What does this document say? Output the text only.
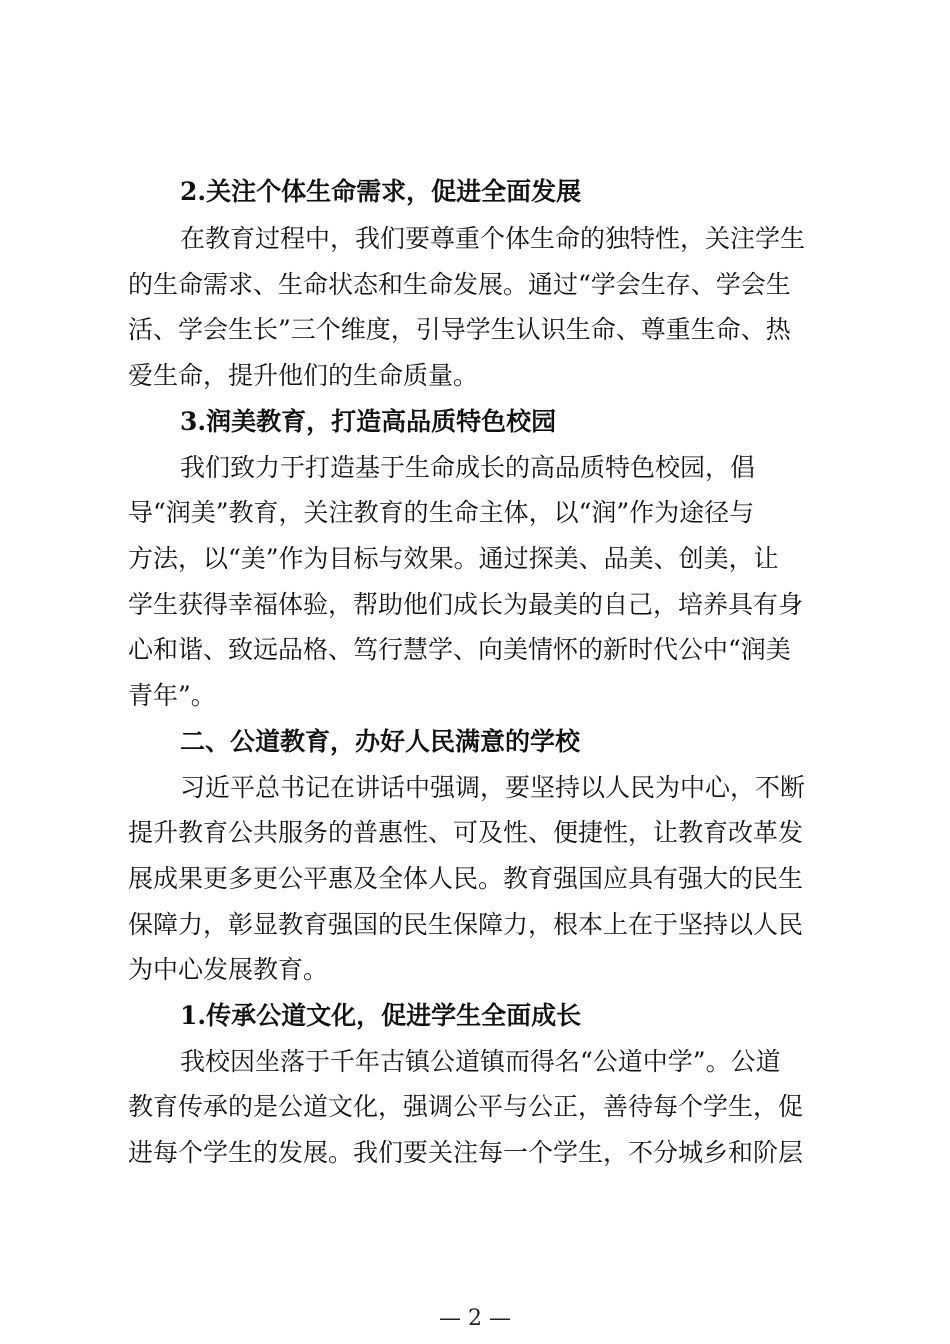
2.关注个体生命需求，促进全面发展
在教育过程中，我们要尊重个体生命的独特性，关注学生
的生命需求、生命状态和生命发展。通过“学会生存、学会生
活、学会生长”三个维度，引导学生认识生命、尊重生命、热
爱生命，提升他们的生命质量。
3.润美教育，打造高品质特色校园
我们致力于打造基于生命成长的高品质特色校园，倡
导“润美”教育，关注教育的生命主体，以“润”作为途径与
方法，以“美”作为目标与效果。通过探美、品美、创美，让
学生获得幸福体验，帮助他们成长为最美的自己，培养具有身
心和谐、致远品格、笃行慧学、向美情怀的新时代公中“润美
青年”。
二、公道教育，办好人民满意的学校
习近平总书记在讲话中强调，要坚持以人民为中心，不断
提升教育公共服务的普惠性、可及性、便捷性，让教育改革发
展成果更多更公平惠及全体人民。教育强国应具有强大的民生
保障力，彰显教育强国的民生保障力，根本上在于坚持以人民
为中心发展教育。
1.传承公道文化，促进学生全面成长
我校因坐落于千年古镇公道镇而得名“公道中学”。公道
教育传承的是公道文化，强调公平与公正，善待每个学生，促
进每个学生的发展。我们要关注每一个学生，不分城乡和阶层
— 2 —
